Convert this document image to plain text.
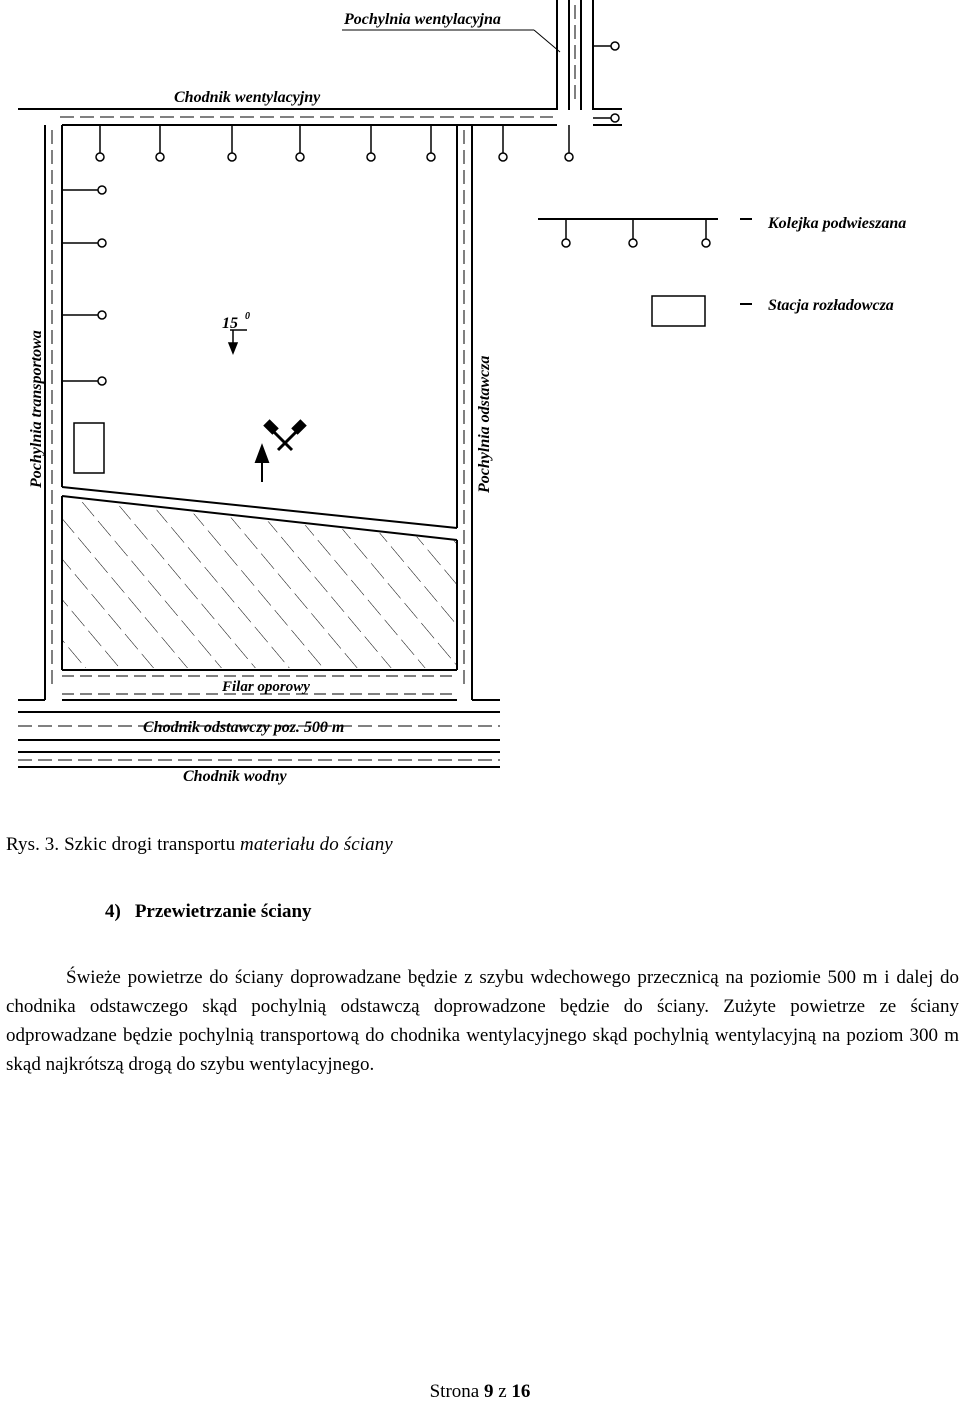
Pochylnia wentylacyjna
Chodnik wentylacyjny
Kolejka podwieszana
Stacja rozładowcza
Pochylnia transportowa	Pochylnia odstawcza
15 0
Filar oporowy
Chodnik odstawczy poz. 500 m
Chodnik wodny
Rys. 3. Szkic drogi transportu materiału do ściany
4) Przewietrzanie ściany

Świeże powietrze do ściany doprowadzane będzie z szybu wdechowego przecznicą na poziomie 500 m i dalej do chodnika odstawczego skąd pochylnią odstawczą doprowadzone będzie do ściany. Zużyte powietrze ze ściany odprowadzane będzie pochylnią transportową do chodnika wentylacyjnego skąd pochylnią wentylacyjną na poziom 300 m skąd najkrótszą drogą do szybu wentylacyjnego.

Strona 9 z 16
